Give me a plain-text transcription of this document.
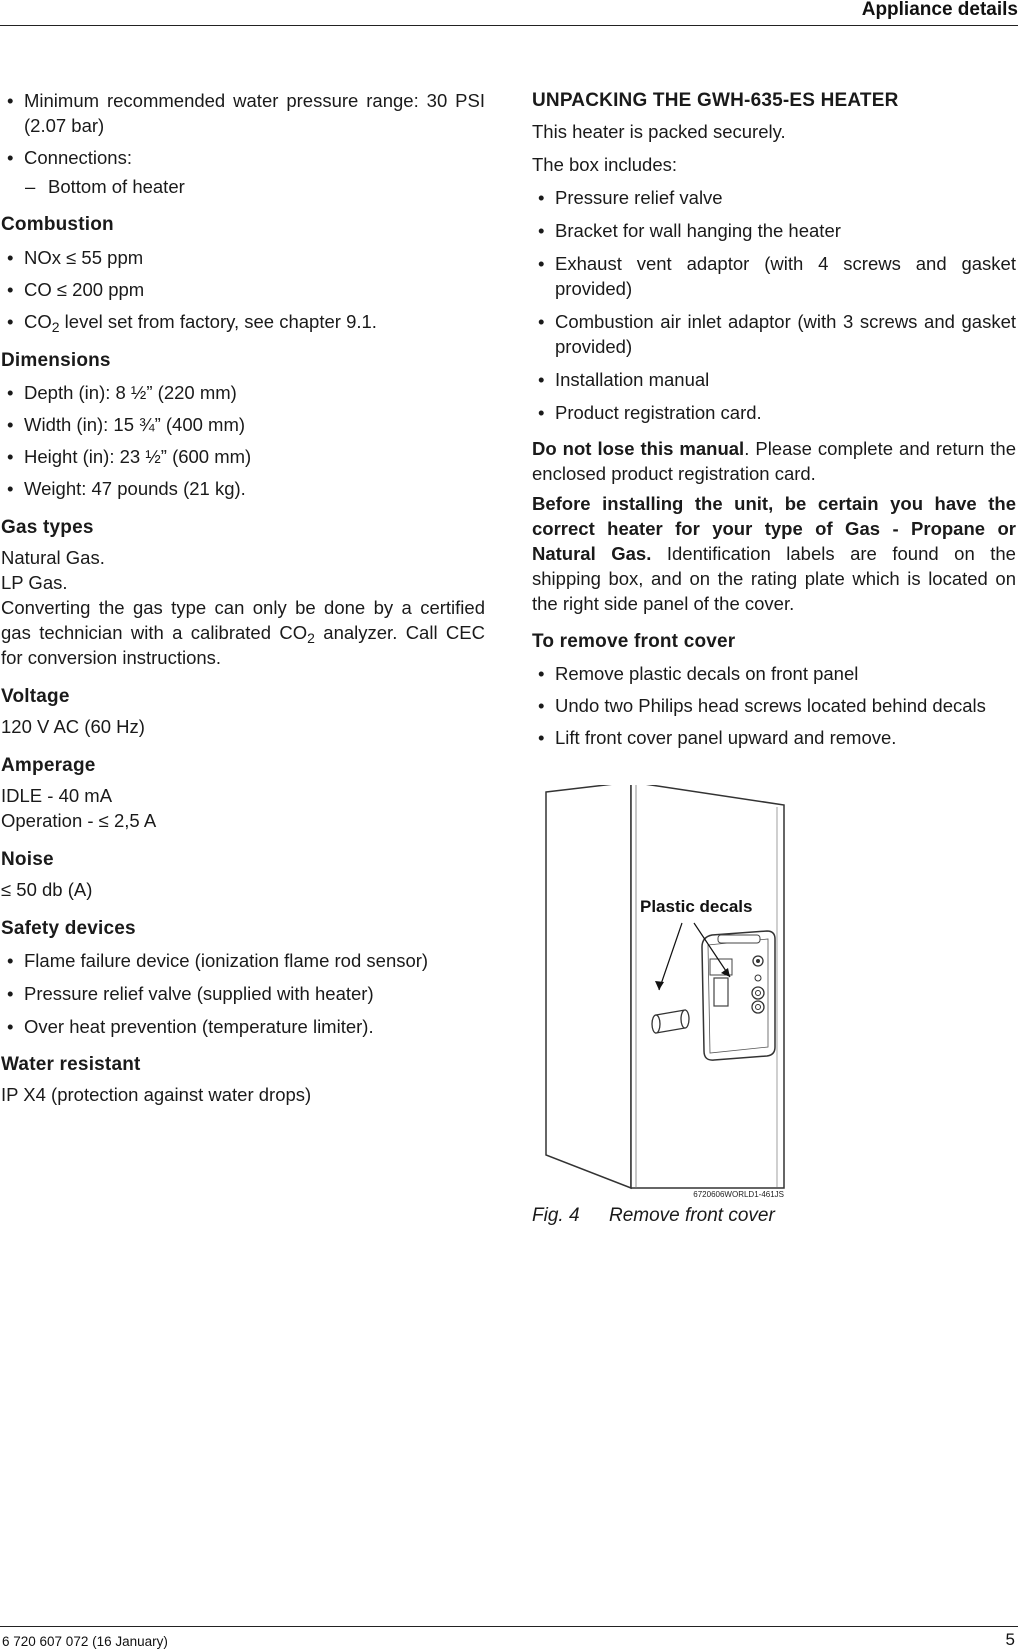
Appliance details

• Minimum recommended water pressure range: 30 PSI (2.07 bar)

• Connections:

– Bottom of heater

Combustion

• NOx ≤ 55 ppm

• CO ≤ 200 ppm

• $CO_2$ level set from factory, see chapter 9.1.

Dimensions

• Depth (in): 8 ½” (220 mm)

• Width (in): 15 ¾” (400 mm)

• Height (in): 23 ½” (600 mm)

• Weight: 47 pounds (21 kg).

Gas types

Natural Gas.

LP Gas.

Converting the gas type can only be done by a certified gas technician with a calibrated $CO_2$ analyzer. Call CEC for conversion instructions.

Voltage

120 V AC (60 Hz)

Amperage

IDLE - 40 mA

Operation - ≤ 2,5 A

Noise

≤ 50 db (A)

Safety devices

• Flame failure device (ionization flame rod sensor)

• Pressure relief valve (supplied with heater)

• Over heat prevention (temperature limiter).

Water resistant

IP X4 (protection against water drops)

UNPACKING THE GWH-635-ES HEATER

This heater is packed securely.

The box includes:

• Pressure relief valve

• Bracket for wall hanging the heater

• Exhaust vent adaptor (with 4 screws and gasket provided)

• Combustion air inlet adaptor (with 3 screws and gasket provided)

• Installation manual

• Product registration card.

Do not lose this manual. Please complete and return the enclosed product registration card.

Before installing the unit, be certain you have the correct heater for your type of Gas - Propane or Natural Gas. Identification labels are found on the shipping box, and on the rating plate which is located on the right side panel of the cover.

To remove front cover

• Remove plastic decals on front panel

• Undo two Philips head screws located behind decals

• Lift front cover panel upward and remove.

Plastic decals
6720606WORLD1-461JS
Fig. 4 Remove front cover
6 720 607 072 (16 January)	5
